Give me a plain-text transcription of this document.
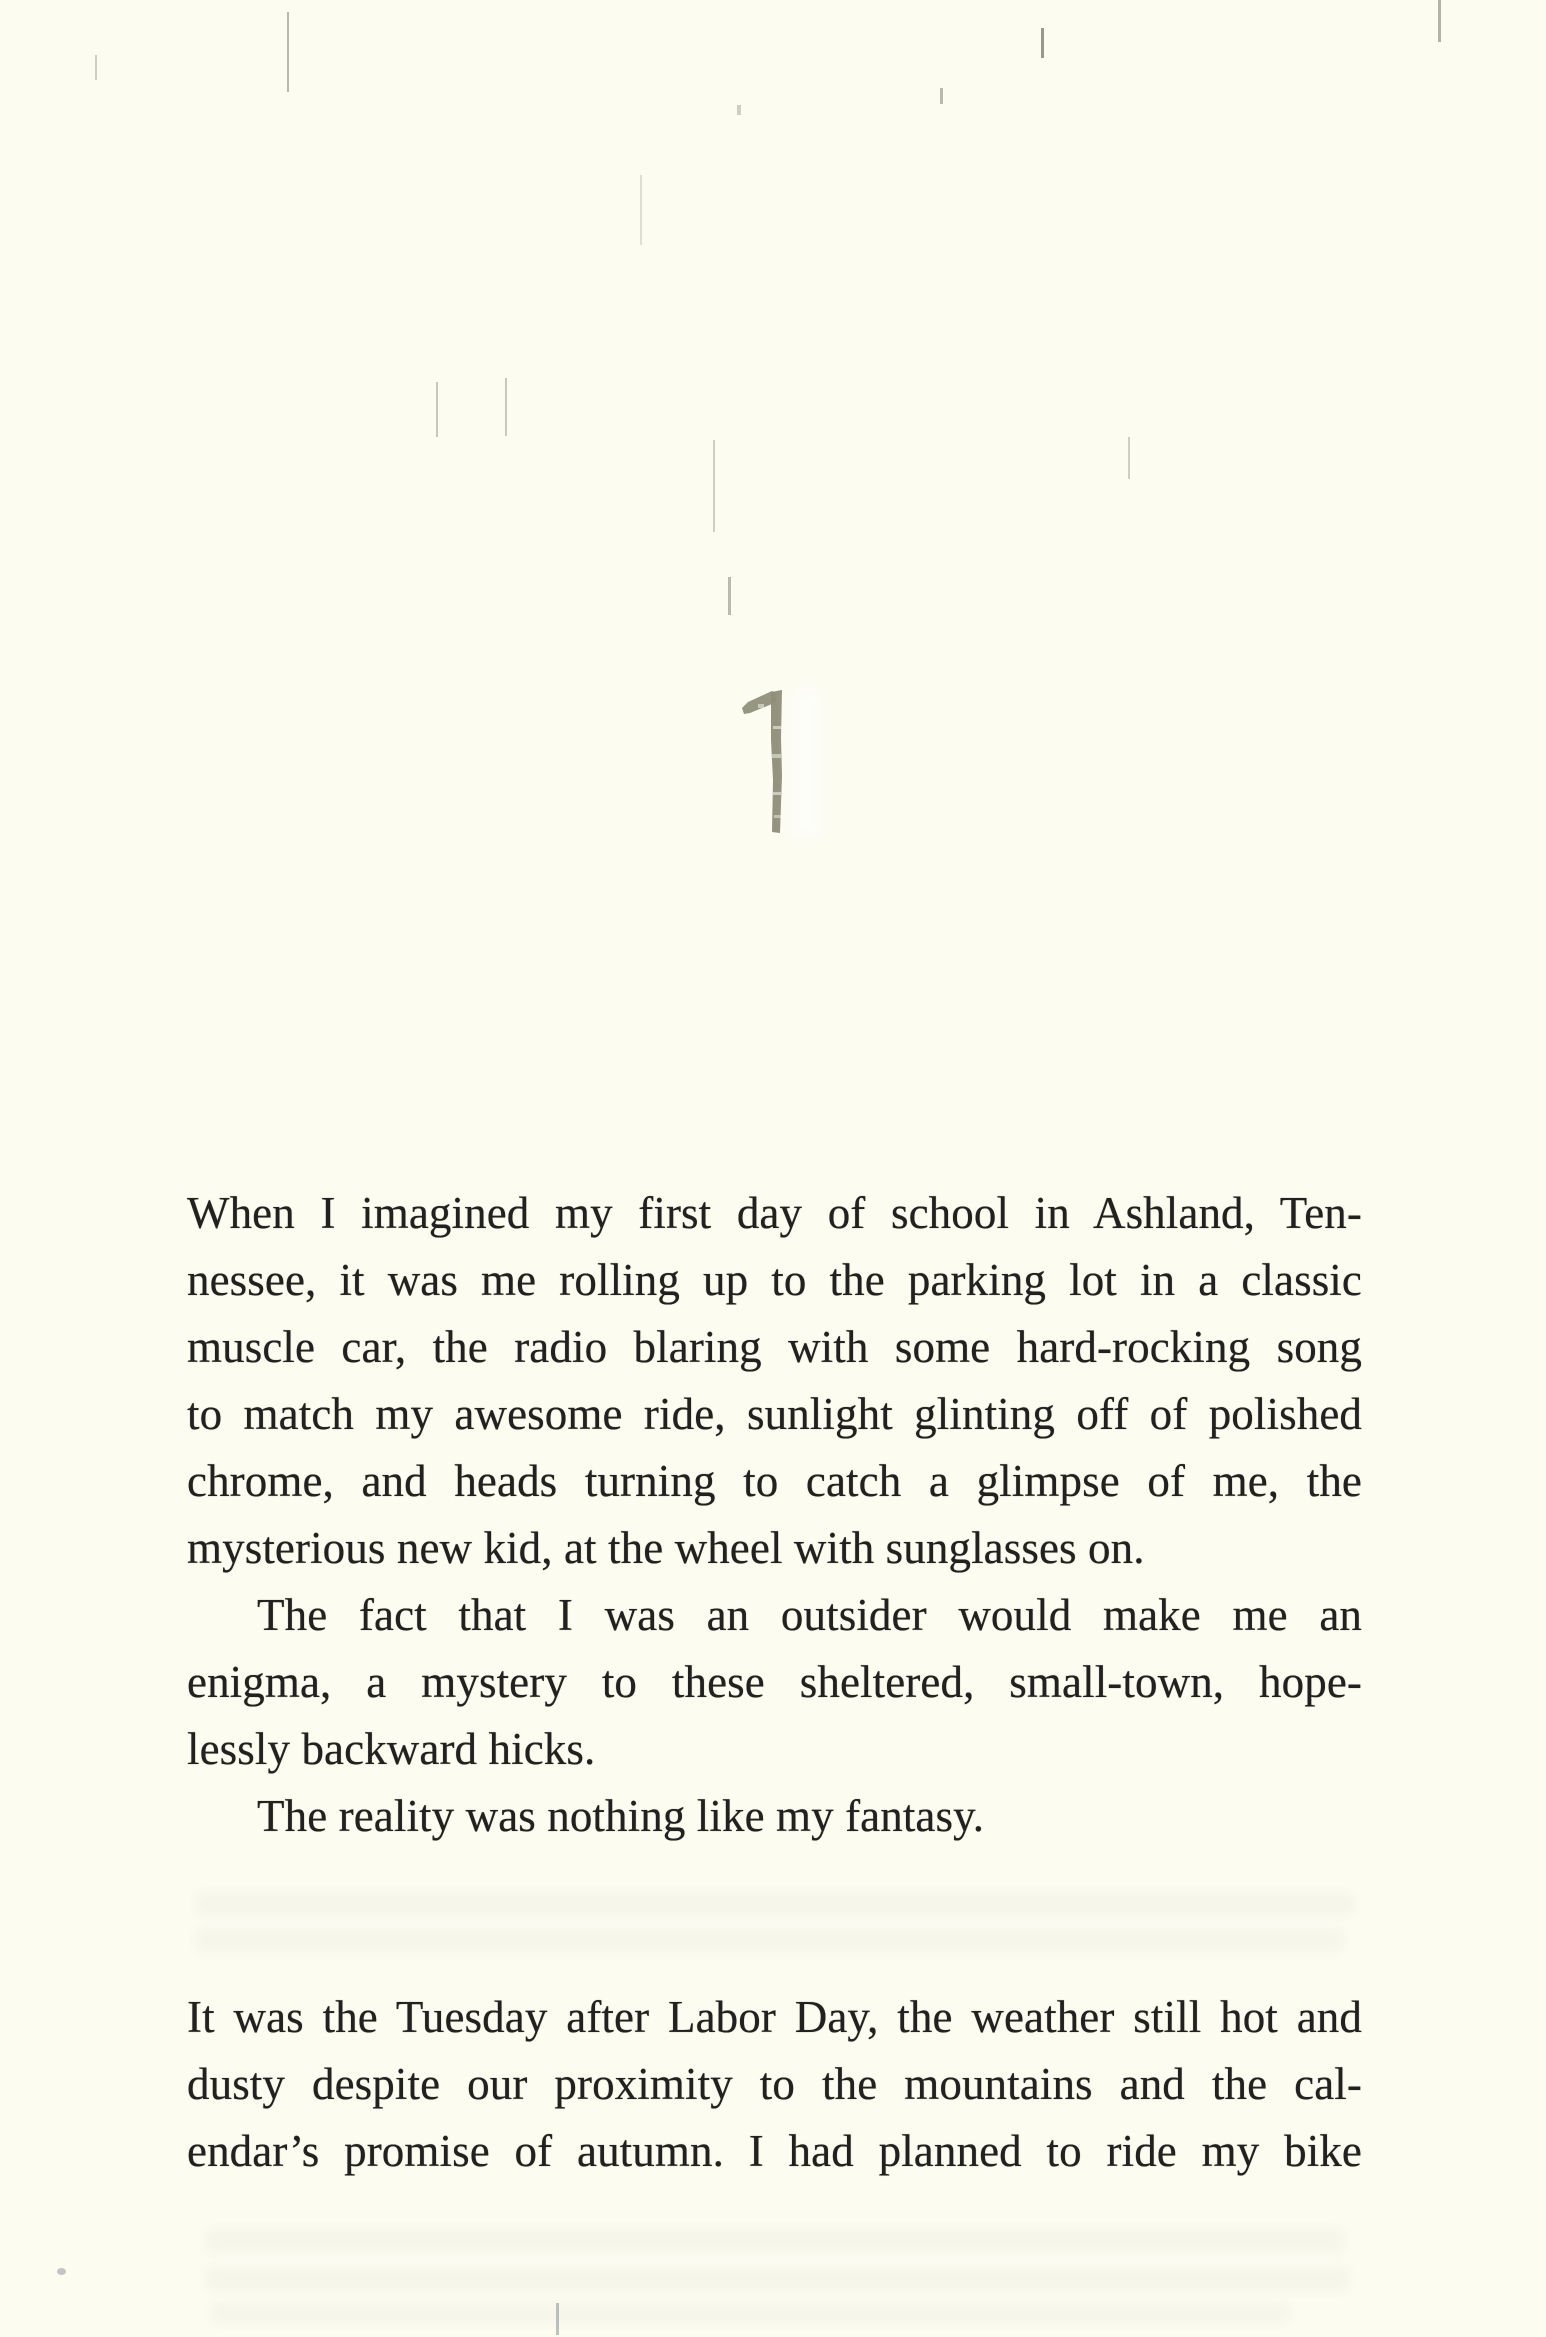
When I imagined my first day of school in Ashland, Ten-
nessee, it was me rolling up to the parking lot in a classic
muscle car, the radio blaring with some hard-rocking song
to match my awesome ride, sunlight glinting off of polished
chrome, and heads turning to catch a glimpse of me, the
mysterious new kid, at the wheel with sunglasses on.
The fact that I was an outsider would make me an
enigma, a mystery to these sheltered, small-town, hope-
lessly backward hicks.
The reality was nothing like my fantasy.
It was the Tuesday after Labor Day, the weather still hot and
dusty despite our proximity to the mountains and the cal-
endar’s promise of autumn. I had planned to ride my bike
